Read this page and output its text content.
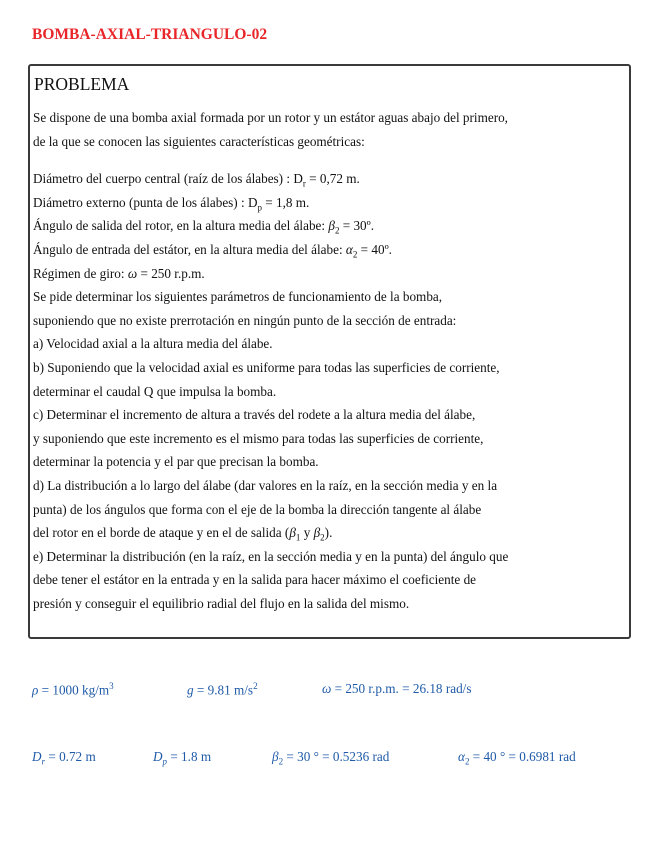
BOMBA-AXIAL-TRIANGULO-02
PROBLEMA
Se dispone de una bomba axial formada por un rotor y un estátor aguas abajo del primero,
de la que se conocen las siguientes características geométricas:
Diámetro del cuerpo central (raíz de los álabes) : $D_r = 0,72$ m.
Diámetro externo (punta de los álabes) : $D_p = 1,8$ m.
Ángulo de salida del rotor, en la altura media del álabe: $\beta_2$ = 30º.
Ángulo de entrada del estátor, en la altura media del álabe: $\alpha_2$ = 40º.
Régimen de giro: ω = 250 r.p.m.
Se pide determinar los siguientes parámetros de funcionamiento de la bomba,
suponiendo que no existe prerrotación en ningún punto de la sección de entrada:
a) Velocidad axial a la altura media del álabe.
b) Suponiendo que la velocidad axial es uniforme para todas las superficies de corriente,
determinar el caudal Q que impulsa la bomba.
c) Determinar el incremento de altura a través del rodete a la altura media del álabe,
y suponiendo que este incremento es el mismo para todas las superficies de corriente,
determinar la potencia y el par que precisan la bomba.
d) La distribución a lo largo del álabe (dar valores en la raíz, en la sección media y en la
punta) de los ángulos que forma con el eje de la bomba la dirección tangente al álabe
del rotor en el borde de ataque y en el de salida ($\beta_1$ y $\beta_2$).
e) Determinar la distribución (en la raíz, en la sección media y en la punta) del ángulo que
debe tener el estátor en la entrada y en la salida para hacer máximo el coeficiente de
presión y conseguir el equilibrio radial del flujo en la salida del mismo.
ρ = 1000 $kg/m^3$	g = 9.81 $m/s^2$	ω = 250 r.p.m. = 26.18 rad/s
$D_r = 0.72$ m	$D_p = 1.8$ m	$\beta_2 = 30$ ° = 0.5236 rad	$\alpha_2 = 40$ ° = 0.6981 rad
